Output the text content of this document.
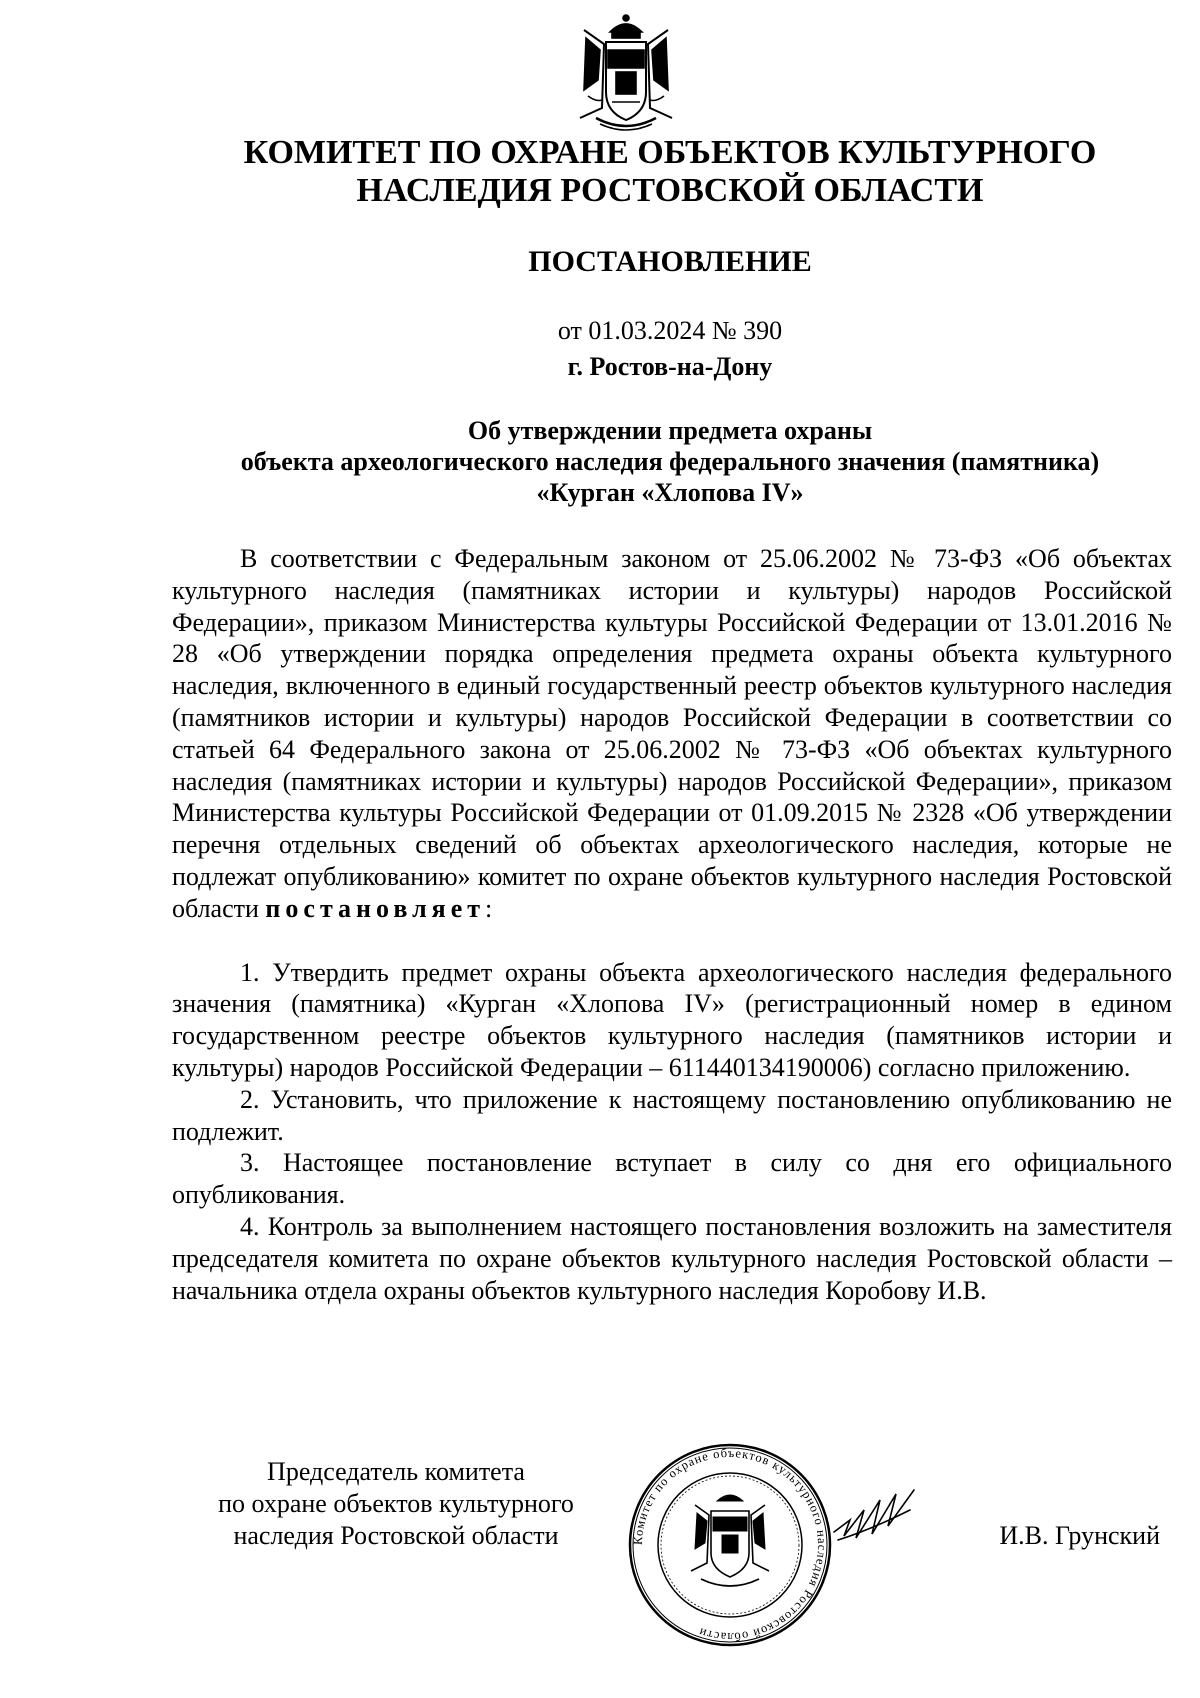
КОМИТЕТ ПО ОХРАНЕ ОБЪЕКТОВ КУЛЬТУРНОГО
НАСЛЕДИЯ РОСТОВСКОЙ ОБЛАСТИ
ПОСТАНОВЛЕНИЕ
от 01.03.2024 № 390
г. Ростов-на-Дону
Об утверждении предмета охраны
объекта археологического наследия федерального значения (памятника)
«Курган «Хлопова IV»

В соответствии с Федеральным законом от 25.06.2002 № 73-ФЗ «Об объектах культурного наследия (памятниках истории и культуры) народов Российской Федерации», приказом Министерства культуры Российской Федерации от 13.01.2016 № 28 «Об утверждении порядка определения предмета охраны объекта культурного наследия, включенного в единый государственный реестр объектов культурного наследия (памятников истории и культуры) народов Российской Федерации в соответствии со статьей 64 Федерального закона от 25.06.2002 № 73-ФЗ «Об объектах культурного наследия (памятниках истории и культуры) народов Российской Федерации», приказом Министерства культуры Российской Федерации от 01.09.2015 № 2328 «Об утверждении перечня отдельных сведений об объектах археологического наследия, которые не подлежат опубликованию» комитет по охране объектов культурного наследия Ростовской области постановляет:

1. Утвердить предмет охраны объекта археологического наследия федерального значения (памятника) «Курган «Хлопова IV» (регистрационный номер в едином государственном реестре объектов культурного наследия (памятников истории и культуры) народов Российской Федерации – 611440134190006) согласно приложению.

2. Установить, что приложение к настоящему постановлению опубликованию не подлежит.

3. Настоящее постановление вступает в силу со дня его официального опубликования.

4. Контроль за выполнением настоящего постановления возложить на заместителя председателя комитета по охране объектов культурного наследия Ростовской области – начальника отдела охраны объектов культурного наследия Коробову И.В.

Председатель комитета
по охране объектов культурного
наследия Ростовской области	Комитет по охране объектов культурного наследия Ростовской области
И.В. Грунский
